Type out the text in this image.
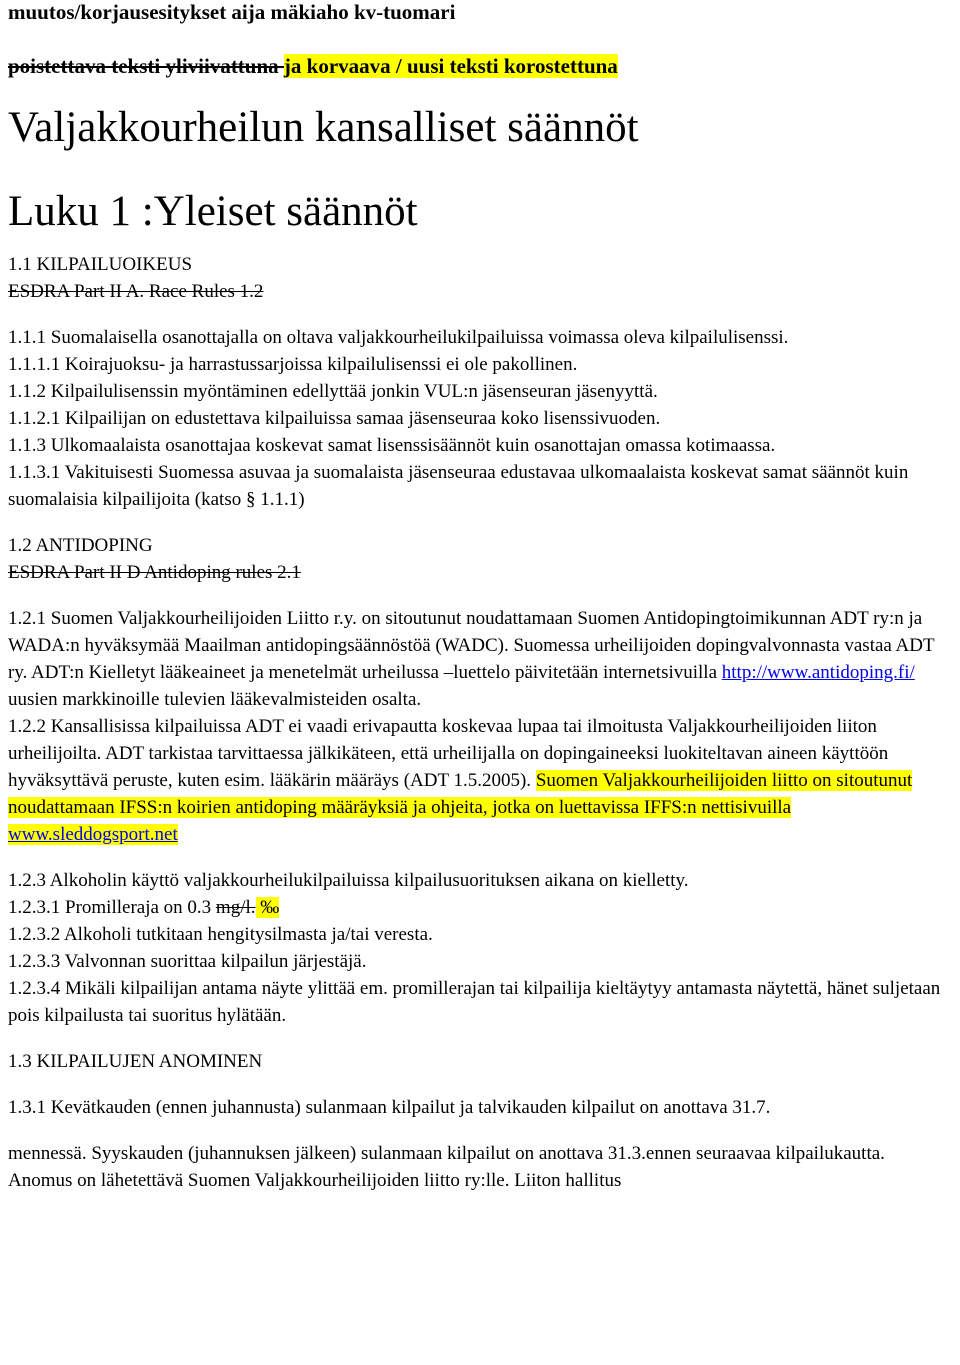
muutos/korjausesitykset aija mäkiaho kv-tuomari
poistettava teksti yliviivattuna ja korvaava / uusi teksti korostettuna
Valjakkourheilun kansalliset säännöt
Luku 1 :Yleiset säännöt

1.1 KILPAILUOIKEUS

ESDRA Part II A. Race Rules 1.2

1.1.1 Suomalaisella osanottajalla on oltava valjakkourheilukilpailuissa voimassa oleva kilpailulisenssi.

1.1.1.1 Koirajuoksu- ja harrastussarjoissa kilpailulisenssi ei ole pakollinen.

1.1.2 Kilpailulisenssin myöntäminen edellyttää jonkin VUL:n jäsenseuran jäsenyyttä.

1.1.2.1 Kilpailijan on edustettava kilpailuissa samaa jäsenseuraa koko lisenssivuoden.

1.1.3 Ulkomaalaista osanottajaa koskevat samat lisenssisäännöt kuin osanottajan omassa kotimaassa.

1.1.3.1 Vakituisesti Suomessa asuvaa ja suomalaista jäsenseuraa edustavaa ulkomaalaista koskevat samat säännöt kuin suomalaisia kilpailijoita (katso § 1.1.1)

1.2 ANTIDOPING

ESDRA Part II D Antidoping rules 2.1

1.2.1 Suomen Valjakkourheilijoiden Liitto r.y. on sitoutunut noudattamaan Suomen Antidopingtoimikunnan ADT ry:n ja WADA:n hyväksymää Maailman antidopingsäännöstöä (WADC). Suomessa urheilijoiden dopingvalvonnasta vastaa ADT ry. ADT:n Kielletyt lääkeaineet ja menetelmät urheilussa –luettelo päivitetään internetsivuilla http://www.antidoping.fi/ uusien markkinoille tulevien lääkevalmisteiden osalta.

1.2.2 Kansallisissa kilpailuissa ADT ei vaadi erivapautta koskevaa lupaa tai ilmoitusta Valjakkourheilijoiden liiton urheilijoilta. ADT tarkistaa tarvittaessa jälkikäteen, että urheilijalla on dopingaineeksi luokiteltavan aineen käyttöön hyväksyttävä peruste, kuten esim. lääkärin määräys (ADT 1.5.2005). Suomen Valjakkourheilijoiden liitto on sitoutunut noudattamaan IFSS:n koirien antidoping määräyksiä ja ohjeita, jotka on luettavissa IFFS:n nettisivuilla www.sleddogsport.net

1.2.3 Alkoholin käyttö valjakkourheilukilpailuissa kilpailusuorituksen aikana on kielletty.

1.2.3.1 Promilleraja on 0.3 mg/l. ‰

1.2.3.2 Alkoholi tutkitaan hengitysilmasta ja/tai veresta.

1.2.3.3 Valvonnan suorittaa kilpailun järjestäjä.

1.2.3.4 Mikäli kilpailijan antama näyte ylittää em. promillerajan tai kilpailija kieltäytyy antamasta näytettä, hänet suljetaan pois kilpailusta tai suoritus hylätään.

1.3 KILPAILUJEN ANOMINEN

1.3.1 Kevätkauden (ennen juhannusta) sulanmaan kilpailut ja talvikauden kilpailut on anottava 31.7.

mennessä. Syyskauden (juhannuksen jälkeen) sulanmaan kilpailut on anottava 31.3.ennen seuraavaa kilpailukautta. Anomus on lähetettävä Suomen Valjakkourheilijoiden liitto ry:lle. Liiton hallitus
